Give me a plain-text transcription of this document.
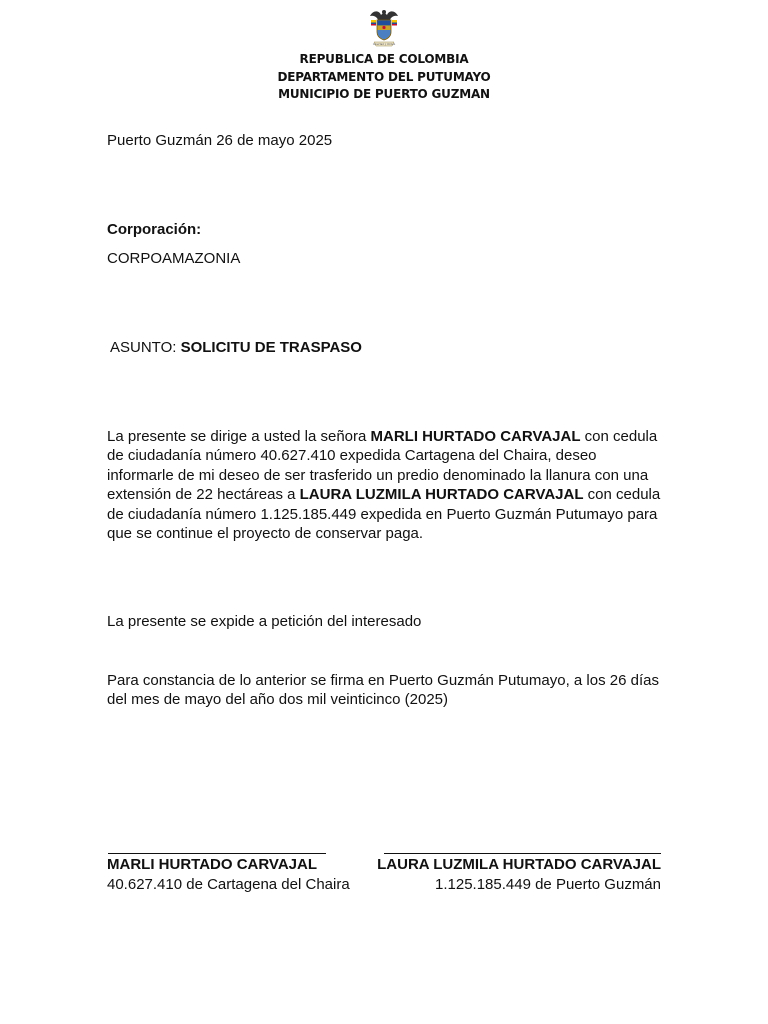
Libertad y Orden
REPUBLICA DE COLOMBIA
DEPARTAMENTO DEL PUTUMAYO
MUNICIPIO DE PUERTO GUZMAN
Puerto Guzmán 26 de mayo 2025
Corporación:
CORPOAMAZONIA
ASUNTO: SOLICITU DE TRASPASO
La presente se dirige a usted la señora MARLI HURTADO CARVAJAL con cedula de ciudadanía número 40.627.410 expedida Cartagena del Chaira, deseo informarle de mi deseo de ser trasferido un predio denominado la llanura con una extensión de 22 hectáreas a LAURA LUZMILA HURTADO CARVAJAL con cedula de ciudadanía número 1.125.185.449 expedida en Puerto Guzmán Putumayo para que se continue el proyecto de conservar paga.
La presente se expide a petición del interesado
Para constancia de lo anterior se firma en Puerto Guzmán Putumayo, a los 26 días del mes de mayo del año dos mil veinticinco (2025)
MARLI HURTADO CARVAJAL
40.627.410 de Cartagena del Chaira
LAURA LUZMILA HURTADO CARVAJAL
1.125.185.449 de Puerto Guzmán
